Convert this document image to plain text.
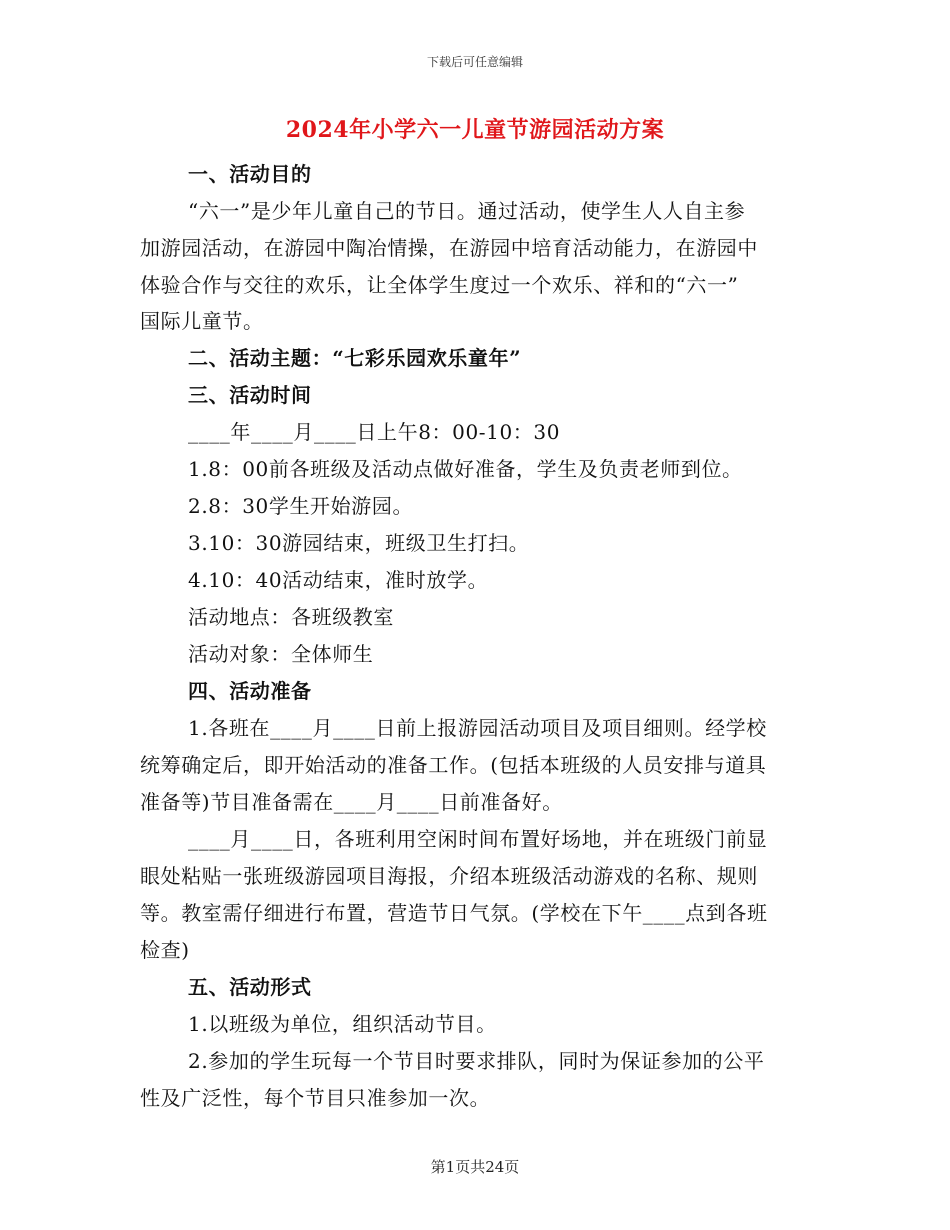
下载后可任意编辑
2024年小学六一儿童节游园活动方案
一、活动目的
“六一”是少年儿童自己的节日。通过活动，使学生人人自主参
加游园活动，在游园中陶冶情操，在游园中培育活动能力，在游园中
体验合作与交往的欢乐，让全体学生度过一个欢乐、祥和的“六一”
国际儿童节。
二、活动主题：“七彩乐园欢乐童年”
三、活动时间
____年____月____日上午8：00-10：30
1.8：00前各班级及活动点做好准备，学生及负责老师到位。
2.8：30学生开始游园。
3.10：30游园结束，班级卫生打扫。
4.10：40活动结束，准时放学。
活动地点：各班级教室
活动对象：全体师生
四、活动准备
1.各班在____月____日前上报游园活动项目及项目细则。经学校
统筹确定后，即开始活动的准备工作。(包括本班级的人员安排与道具
准备等)节目准备需在____月____日前准备好。
____月____日，各班利用空闲时间布置好场地，并在班级门前显
眼处粘贴一张班级游园项目海报，介绍本班级活动游戏的名称、规则
等。教室需仔细进行布置，营造节日气氛。(学校在下午____点到各班
检查)
五、活动形式
1.以班级为单位，组织活动节目。
2.参加的学生玩每一个节目时要求排队，同时为保证参加的公平
性及广泛性，每个节目只准参加一次。
第1页共24页
